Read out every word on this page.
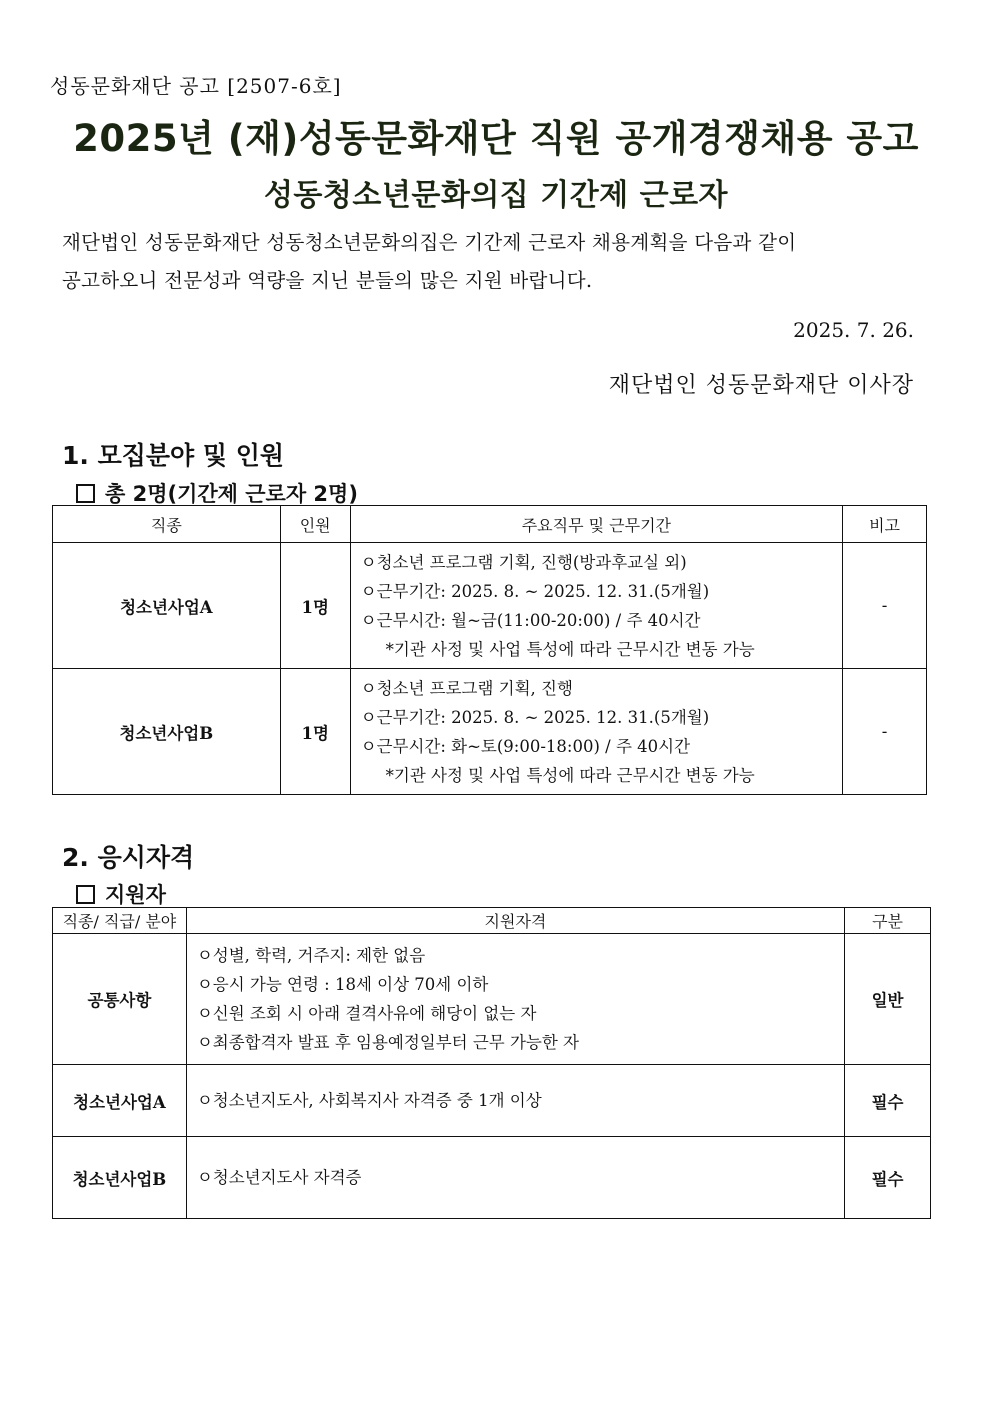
성동문화재단 공고 [2507-6호]
2025년 (재)성동문화재단 직원 공개경쟁채용 공고
성동청소년문화의집 기간제 근로자
재단법인 성동문화재단 성동청소년문화의집은 기간제 근로자 채용계획을 다음과 같이
공고하오니 전문성과 역량을 지닌 분들의 많은 지원 바랍니다.
2025. 7. 26.
재단법인 성동문화재단 이사장
1. 모집분야 및 인원
총 2명(기간제 근로자 2명)
직종	인원	주요직무 및 근무기간	비고
청소년사업A	1명	ㅇ청소년 프로그램 기획, 진행(방과후교실 외)
ㅇ근무기간: 2025. 8. ~ 2025. 12. 31.(5개월)
ㅇ근무시간: 월~금(11:00-20:00) / 주 40시간
*기관 사정 및 사업 특성에 따라 근무시간 변동 가능	-
청소년사업B	1명	ㅇ청소년 프로그램 기획, 진행
ㅇ근무기간: 2025. 8. ~ 2025. 12. 31.(5개월)
ㅇ근무시간: 화~토(9:00-18:00) / 주 40시간
*기관 사정 및 사업 특성에 따라 근무시간 변동 가능	-
2. 응시자격
지원자
직종/ 직급/ 분야	지원자격	구분
공통사항	ㅇ성별, 학력, 거주지: 제한 없음
ㅇ응시 가능 연령 : 18세 이상 70세 이하
ㅇ신원 조회 시 아래 결격사유에 해당이 없는 자
ㅇ최종합격자 발표 후 임용예정일부터 근무 가능한 자	일반
청소년사업A	ㅇ청소년지도사, 사회복지사 자격증 중 1개 이상	필수
청소년사업B	ㅇ청소년지도사 자격증	필수
